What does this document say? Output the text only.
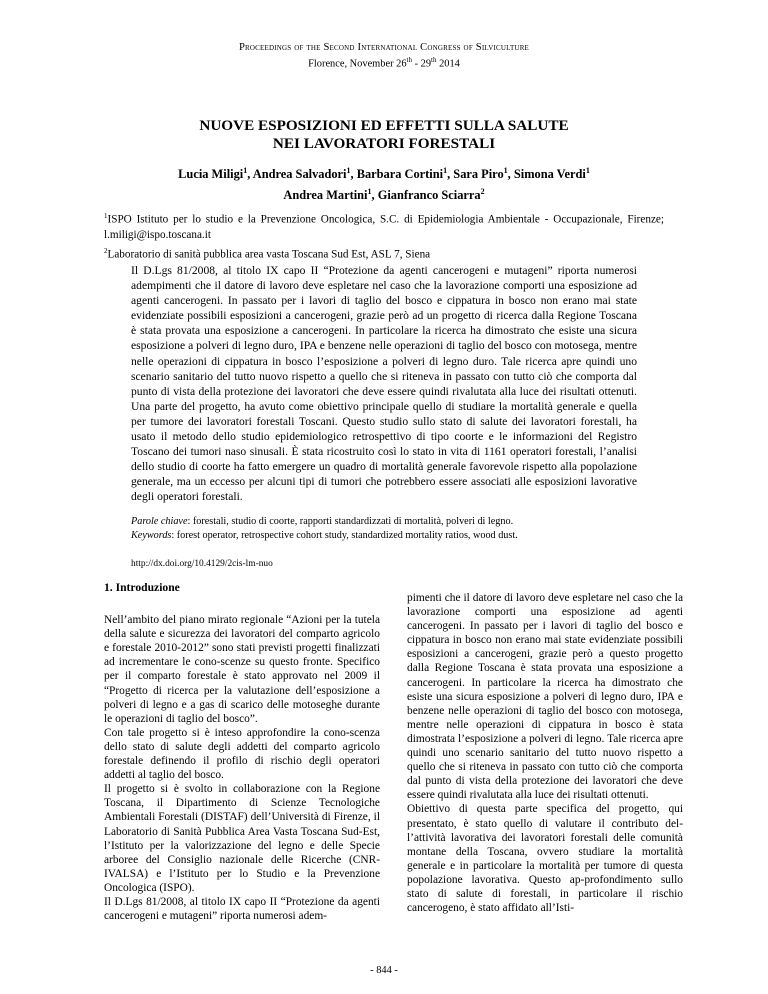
Proceedings of the Second International Congress of Silviculture
Florence, November 26th - 29th 2014
NUOVE ESPOSIZIONI ED EFFETTI SULLA SALUTE
NEI LAVORATORI FORESTALI
Lucia Miligi$^1$, Andrea Salvadori$^1$, Barbara Cortini$^1$, Sara Piro$^1$, Simona Verdi$^1$
Andrea Martini$^1$, Gianfranco Sciarra$^2$
$^1$ISPO Istituto per lo studio e la Prevenzione Oncologica, S.C. di Epidemiologia Ambientale - Occupazionale, Firenze; l.miligi@ispo.toscana.it
$^2$Laboratorio di sanità pubblica area vasta Toscana Sud Est, ASL 7, Siena
Il D.Lgs 81/2008, al titolo IX capo II “Protezione da agenti cancerogeni e mutageni” riporta numerosi adempimenti che il datore di lavoro deve espletare nel caso che la lavorazione comporti una esposizione ad agenti cancerogeni. In passato per i lavori di taglio del bosco e cippatura in bosco non erano mai state evidenziate possibili esposizioni a cancerogeni, grazie però ad un progetto di ricerca dalla Regione Toscana è stata provata una esposizione a cancerogeni. In particolare la ricerca ha dimostrato che esiste una sicura esposizione a polveri di legno duro, IPA e benzene nelle operazioni di taglio del bosco con motosega, mentre nelle operazioni di cippatura in bosco l’esposizione a polveri di legno duro. Tale ricerca apre quindi uno scenario sanitario del tutto nuovo rispetto a quello che si riteneva in passato con tutto ciò che comporta dal punto di vista della protezione dei lavoratori che deve essere quindi rivalutata alla luce dei risultati ottenuti. Una parte del progetto, ha avuto come obiettivo principale quello di studiare la mortalità generale e quella per tumore dei lavoratori forestali Toscani. Questo studio sullo stato di salute dei lavoratori forestali, ha usato il metodo dello studio epidemiologico retrospettivo di tipo coorte e le informazioni del Registro Toscano dei tumori naso sinusali. È stata ricostruito così lo stato in vita di 1161 operatori forestali, l’analisi dello studio di coorte ha fatto emergere un quadro di mortalità generale favorevole rispetto alla popolazione generale, ma un eccesso per alcuni tipi di tumori che potrebbero essere associati alle esposizioni lavorative degli operatori forestali.
Parole chiave: forestali, studio di coorte, rapporti standardizzati di mortalità, polveri di legno.
Keywords: forest operator, retrospective cohort study, standardized mortality ratios, wood dust.
http://dx.doi.org/10.4129/2cis-lm-nuo
1. Introduzione

Nell’ambito del piano mirato regionale “Azioni per la tutela della salute e sicurezza dei lavoratori del comparto agricolo e forestale 2010-2012” sono stati previsti progetti finalizzati ad incrementare le cono-scenze su questo fronte. Specifico per il comparto forestale è stato approvato nel 2009 il “Progetto di ricerca per la valutazione dell’esposizione a polveri di legno e a gas di scarico delle motoseghe durante le operazioni di taglio del bosco”.

Con tale progetto si è inteso approfondire la cono-scenza dello stato di salute degli addetti del comparto agricolo forestale definendo il profilo di rischio degli operatori addetti al taglio del bosco.

Il progetto si è svolto in collaborazione con la Regione Toscana, il Dipartimento di Scienze Tecnologiche Ambientali Forestali (DISTAF) dell’Università di Firenze, il Laboratorio di Sanità Pubblica Area Vasta Toscana Sud-Est, l’Istituto per la valorizzazione del legno e delle Specie arboree del Consiglio nazionale delle Ricerche (CNR-IVALSA) e l’Istituto per lo Studio e la Prevenzione Oncologica (ISPO).

Il D.Lgs 81/2008, al titolo IX capo II “Protezione da agenti cancerogeni e mutageni” riporta numerosi adem-

pimenti che il datore di lavoro deve espletare nel caso che la lavorazione comporti una esposizione ad agenti cancerogeni. In passato per i lavori di taglio del bosco e cippatura in bosco non erano mai state evidenziate possibili esposizioni a cancerogeni, grazie però a questo progetto dalla Regione Toscana è stata provata una esposizione a cancerogeni. In particolare la ricerca ha dimostrato che esiste una sicura esposizione a polveri di legno duro, IPA e benzene nelle operazioni di taglio del bosco con motosega, mentre nelle operazioni di cippatura in bosco è stata dimostrata l’esposizione a polveri di legno. Tale ricerca apre quindi uno scenario sanitario del tutto nuovo rispetto a quello che si riteneva in passato con tutto ciò che comporta dal punto di vista della protezione dei lavoratori che deve essere quindi rivalutata alla luce dei risultati ottenuti.

Obiettivo di questa parte specifica del progetto, qui presentato, è stato quello di valutare il contributo del-l’attività lavorativa dei lavoratori forestali delle comunità montane della Toscana, ovvero studiare la mortalità generale e in particolare la mortalità per tumore di questa popolazione lavorativa. Questo ap-profondimento sullo stato di salute di forestali, in particolare il rischio cancerogeno, è stato affidato all’Isti-

- 844 -
